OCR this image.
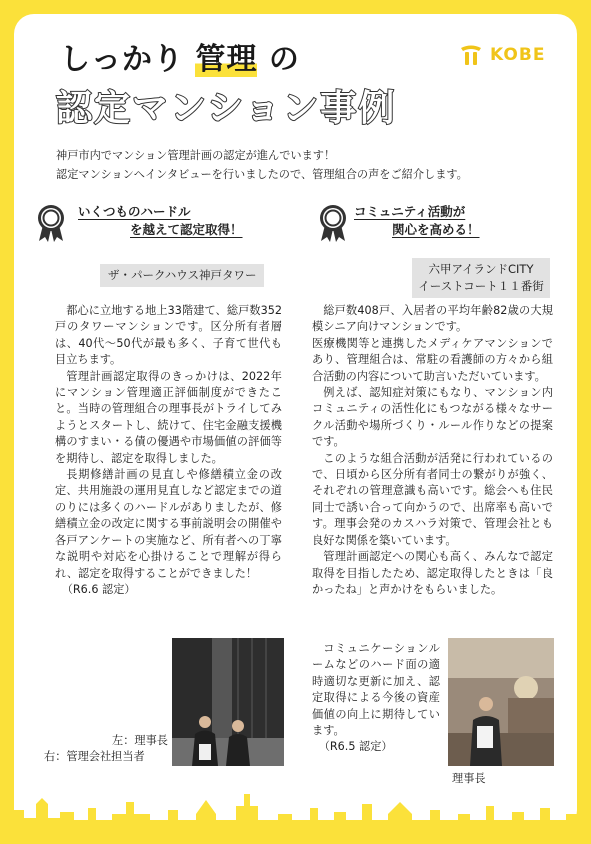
しっかり 管理 の
認定マンション事例
KOBE
神戸市内でマンション管理計画の認定が進んでいます！
認定マンションへインタビューを行いましたので、管理組合の声をご紹介します。
いくつものハードル
を越えて認定取得！
ザ・パークハウス神戸タワー

都心に立地する地上33階建て、総戸数352戸のタワーマンションです。区分所有者層は、40代〜50代が最も多く、子育て世代も目立ちます。

管理計画認定取得のきっかけは、2022年にマンション管理適正評価制度ができたこと。当時の管理組合の理事長がトライしてみようとスタートし、続けて、住宅金融支援機構のすまい・る債の優遇や市場価値の評価等を期待し、認定を取得しました。

長期修繕計画の見直しや修繕積立金の改定、共用施設の運用見直しなど認定までの道のりには多くのハードルがありましたが、修繕積立金の改定に関する事前説明会の開催や各戸アンケートの実施など、所有者への丁寧な説明や対応を心掛けることで理解が得られ、認定を取得することができました！

（R6.6 認定）

左：理事長
右：管理会社担当者
コミュニティ活動が
関心を高める！
六甲アイランドCITY
イーストコート１１番街

総戸数408戸、入居者の平均年齢82歳の大規模シニア向けマンションです。

医療機関等と連携したメディケアマンションであり、管理組合は、常駐の看護師の方々から組合活動の内容について助言いただいています。

例えば、認知症対策にもなり、マンション内コミュニティの活性化にもつながる様々なサークル活動や場所づくり・ルール作りなどの提案です。

このような組合活動が活発に行われているので、日頃から区分所有者同士の繋がりが強く、それぞれの管理意識も高いです。総会へも住民同士で誘い合って向かうので、出席率も高いです。理事会発のカスハラ対策で、管理会社とも良好な関係を築いています。

管理計画認定への関心も高く、みんなで認定取得を目指したため、認定取得したときは「良かったね」と声かけをもらいました。

コミュニケーションルームなどのハード面の適時適切な更新に加え、認定取得による今後の資産価値の向上に期待しています。

（R6.5 認定）

理事長
